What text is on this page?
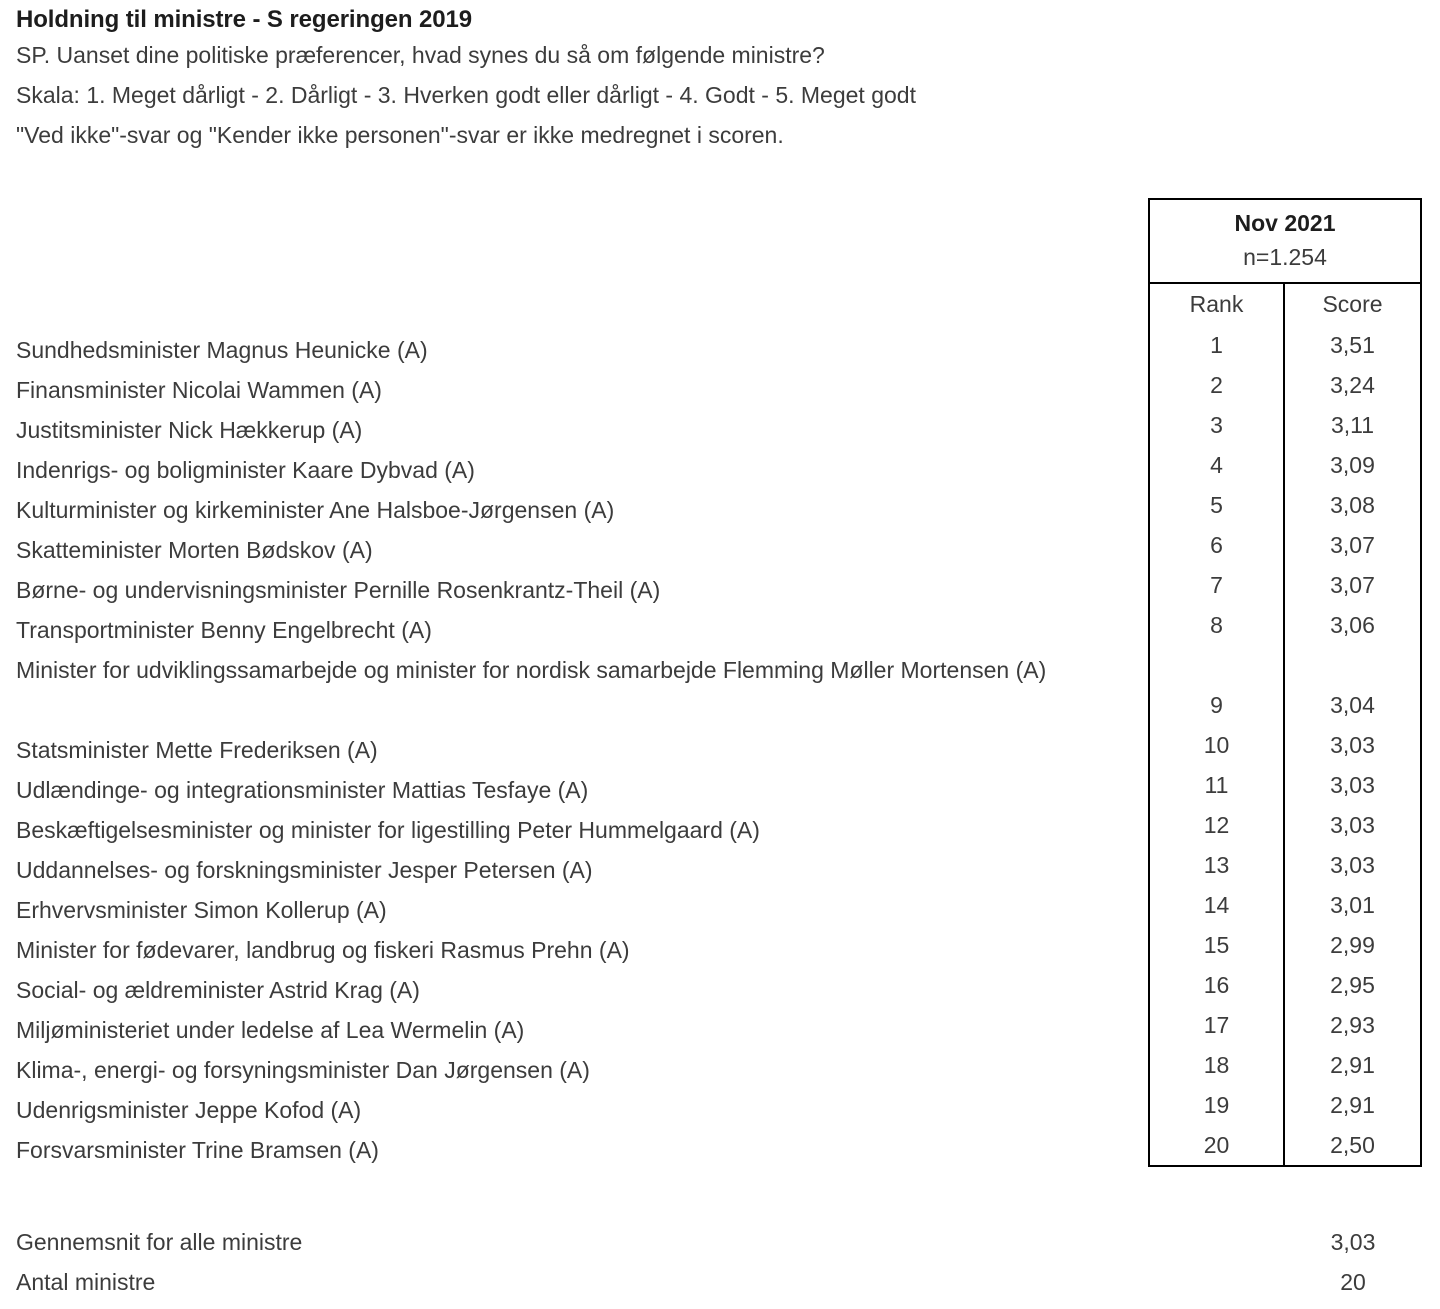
Holdning til ministre - S regeringen 2019
SP. Uanset dine politiske præferencer, hvad synes du så om følgende ministre?
Skala: 1. Meget dårligt - 2. Dårligt - 3. Hverken godt eller dårligt - 4. Godt - 5. Meget godt
"Ved ikke"-svar og "Kender ikke personen"-svar er ikke medregnet i scoren.
Sundhedsminister Magnus Heunicke (A)
Finansminister Nicolai Wammen (A)
Justitsminister Nick Hækkerup (A)
Indenrigs- og boligminister Kaare Dybvad (A)
Kulturminister og kirkeminister Ane Halsboe-Jørgensen (A)
Skatteminister Morten Bødskov (A)
Børne- og undervisningsminister Pernille Rosenkrantz-Theil (A)
Transportminister Benny Engelbrecht (A)
Minister for udviklingssamarbejde og minister for nordisk samarbejde Flemming Møller Mortensen (A)
Statsminister Mette Frederiksen (A)
Udlændinge- og integrationsminister Mattias Tesfaye (A)
Beskæftigelsesminister og minister for ligestilling Peter Hummelgaard (A)
Uddannelses- og forskningsminister Jesper Petersen (A)
Erhvervsminister Simon Kollerup (A)
Minister for fødevarer, landbrug og fiskeri Rasmus Prehn (A)
Social- og ældreminister Astrid Krag (A)
Miljøministeriet under ledelse af Lea Wermelin (A)
Klima-, energi- og forsyningsminister Dan Jørgensen (A)
Udenrigsminister Jeppe Kofod (A)
Forsvarsminister Trine Bramsen (A)
Nov 2021
n=1.254
Rank
1
2
3
4
5
6
7
8
9
10
11
12
13
14
15
16
17
18
19
20
Score
3,51
3,24
3,11
3,09
3,08
3,07
3,07
3,06
3,04
3,03
3,03
3,03
3,03
3,01
2,99
2,95
2,93
2,91
2,91
2,50
Gennemsnit for alle ministre	3,03
Antal ministre	20
